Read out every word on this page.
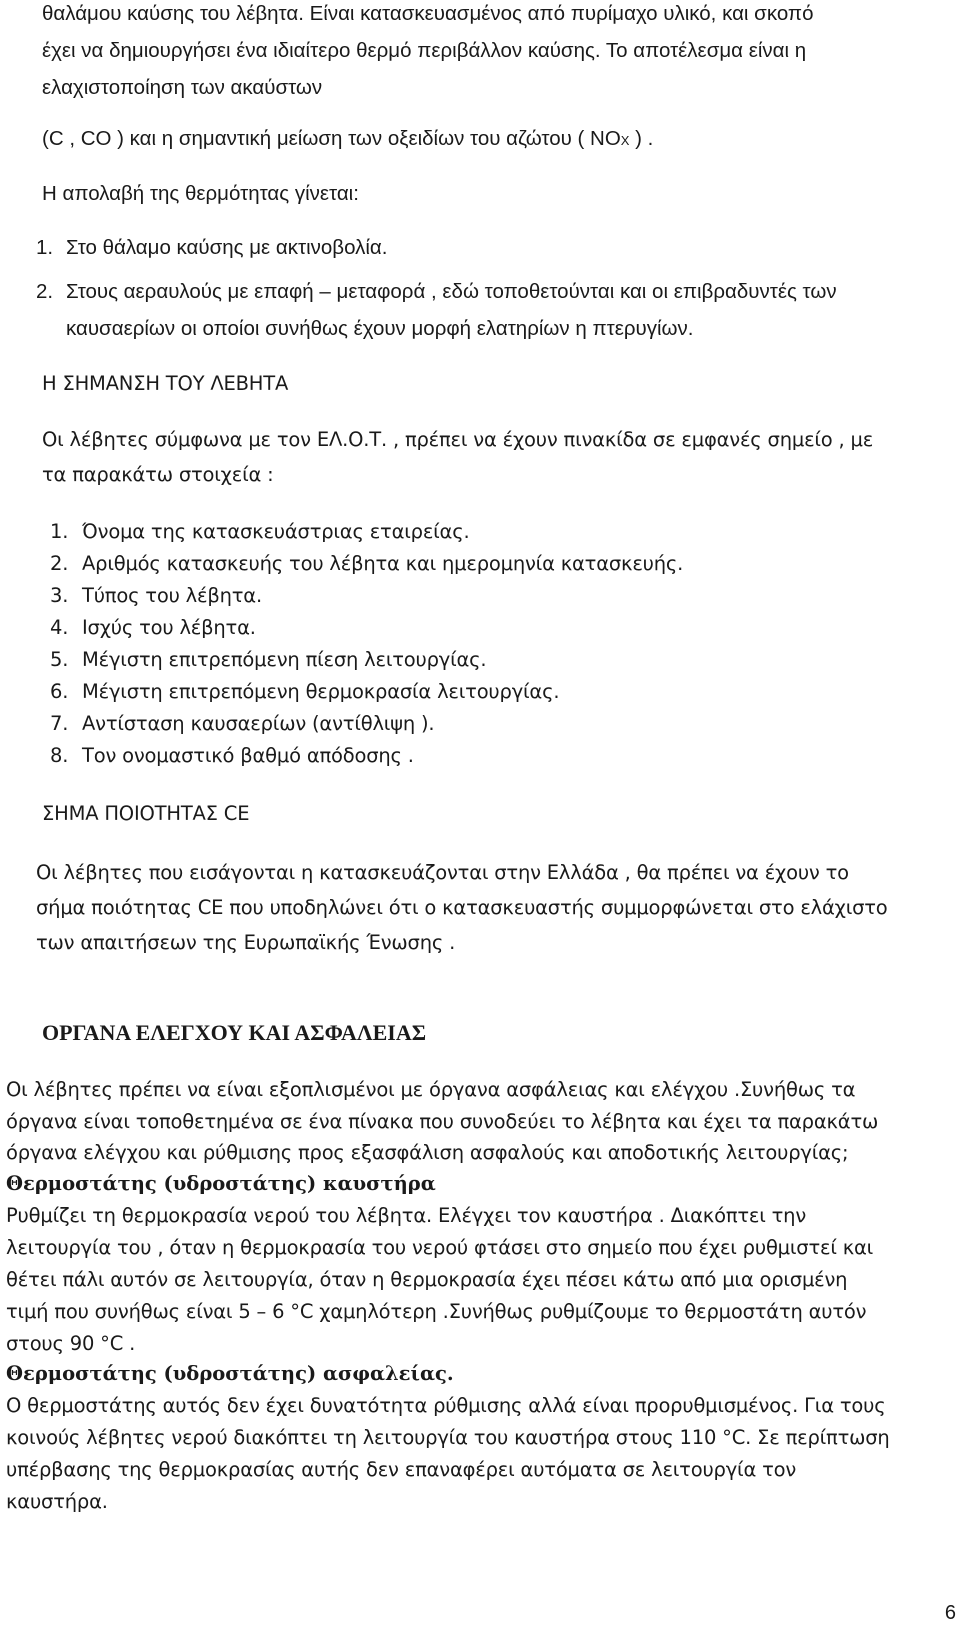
θαλάμου καύσης του λέβητα. Είναι κατασκευασμένος από πυρίμαχο υλικό, και σκοπό

έχει να δημιουργήσει ένα ιδιαίτερο θερμό περιβάλλον καύσης. Το αποτέλεσμα είναι η

ελαχιστοποίηση των ακαύστων

(C , CO ) και η σημαντική μείωση των οξειδίων του αζώτου ( NOX ) .

Η απολαβή της θερμότητας γίνεται:

1. Στο θάλαμο καύσης με ακτινοβολία.

2. Στους αεραυλούς με επαφή – μεταφορά , εδώ τοποθετούνται και οι επιβραδυντές των

καυσαερίων οι οποίοι συνήθως έχουν μορφή ελατηρίων η πτερυγίων.

Η ΣΗΜΑΝΣΗ ΤΟΥ ΛΕΒΗΤΑ

Οι λέβητες σύμφωνα με τον ΕΛ.Ο.Τ. , πρέπει να έχουν πινακίδα σε εμφανές σημείο , με

τα παρακάτω στοιχεία :

1. Όνομα της κατασκευάστριας εταιρείας.

2. Αριθμός κατασκευής του λέβητα και ημερομηνία κατασκευής.

3. Τύπος του λέβητα.

4. Ισχύς του λέβητα.

5. Μέγιστη επιτρεπόμενη πίεση λειτουργίας.

6. Μέγιστη επιτρεπόμενη θερμοκρασία λειτουργίας.

7. Αντίσταση καυσαερίων (αντίθλιψη ).

8. Τον ονομαστικό βαθμό απόδοσης .

ΣΗΜΑ ΠΟΙΟΤΗΤΑΣ CE

Οι λέβητες που εισάγονται η κατασκευάζονται στην Ελλάδα , θα πρέπει να έχουν το

σήμα ποιότητας CE που υποδηλώνει ότι ο κατασκευαστής συμμορφώνεται στο ελάχιστο

των απαιτήσεων της Ευρωπαϊκής Ένωσης .

ΟΡΓΑΝΑ ΕΛΕΓΧΟΥ ΚΑΙ ΑΣΦΑΛΕΙΑΣ

Οι λέβητες πρέπει να είναι εξοπλισμένοι με όργανα ασφάλειας και ελέγχου .Συνήθως τα

όργανα είναι τοποθετημένα σε ένα πίνακα που συνοδεύει το λέβητα και έχει τα παρακάτω

όργανα ελέγχου και ρύθμισης προς εξασφάλιση ασφαλούς και αποδοτικής λειτουργίας;

Θερμοστάτης (υδροστάτης) καυστήρα

Ρυθμίζει τη θερμοκρασία νερού του λέβητα. Ελέγχει τον καυστήρα . Διακόπτει την

λειτουργία του , όταν η θερμοκρασία του νερού φτάσει στο σημείο που έχει ρυθμιστεί και

θέτει πάλι αυτόν σε λειτουργία, όταν η θερμοκρασία έχει πέσει κάτω από μια ορισμένη

τιμή που συνήθως είναι 5 – 6 °C χαμηλότερη .Συνήθως ρυθμίζουμε το θερμοστάτη αυτόν

στους 90 °C .

Θερμοστάτης (υδροστάτης) ασφαλείας.

Ο θερμοστάτης αυτός δεν έχει δυνατότητα ρύθμισης αλλά είναι προρυθμισμένος. Για τους

κοινούς λέβητες νερού διακόπτει τη λειτουργία του καυστήρα στους 110 °C. Σε περίπτωση

υπέρβασης της θερμοκρασίας αυτής δεν επαναφέρει αυτόματα σε λειτουργία τον

καυστήρα.

6
